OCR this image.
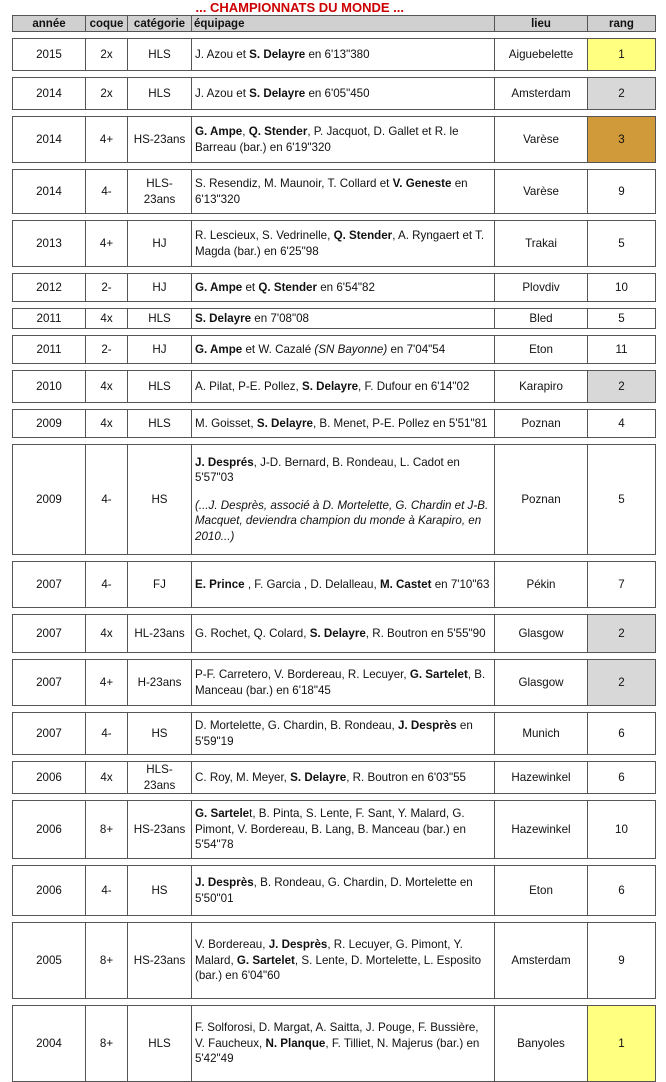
			... CHAMPIONNATS DU MONDE ...		
année	coque	catégorie	équipage	lieu	rang

2015	2x	HLS	J. Azou et S. Delayre en 6'13"380	Aiguebelette	1

2014	2x	HLS	J. Azou et S. Delayre en 6'05"450	Amsterdam	2

2014	4+	HS-23ans	G. Ampe, Q. Stender, P. Jacquot, D. Gallet et R. le Barreau (bar.) en 6'19"320	Varèse	3

2014	4-	HLS-23ans	S. Resendiz, M. Maunoir, T. Collard et V. Geneste en 6'13"320	Varèse	9

2013	4+	HJ	R. Lescieux, S. Vedrinelle, Q. Stender, A. Ryngaert et T. Magda (bar.) en 6'25"98	Trakai	5

2012	2-	HJ	G. Ampe et Q. Stender en 6'54"82	Plovdiv	10

2011	4x	HLS	S. Delayre en 7'08"08	Bled	5

2011	2-	HJ	G. Ampe et W. Cazalé (SN Bayonne) en 7'04"54	Eton	11

2010	4x	HLS	A. Pilat, P-E. Pollez, S. Delayre, F. Dufour en 6'14"02	Karapiro	2

2009	4x	HLS	M. Goisset, S. Delayre, B. Menet, P-E. Pollez en 5'51"81	Poznan	4

2009	4-	HS	J. Després, J-D. Bernard, B. Rondeau, L. Cadot en 5'57"03
(...J. Desprès, associé à D. Mortelette, G. Chardin et J-B. Macquet, deviendra champion du monde à Karapiro, en 2010...)	Poznan	5

2007	4-	FJ	E. Prince , F. Garcia , D. Delalleau, M. Castet en 7'10"63	Pékin	7

2007	4x	HL-23ans	G. Rochet, Q. Colard, S. Delayre, R. Boutron en 5'55"90	Glasgow	2

2007	4+	H-23ans	P-F. Carretero, V. Bordereau, R. Lecuyer, G. Sartelet, B. Manceau (bar.) en 6'18"45	Glasgow	2

2007	4-	HS	D. Mortelette, G. Chardin, B. Rondeau, J. Desprès en 5'59"19	Munich	6

2006	4x	HLS-23ans	C. Roy, M. Meyer, S. Delayre, R. Boutron en 6'03"55	Hazewinkel	6

2006	8+	HS-23ans	G. Sartelet, B. Pinta, S. Lente, F. Sant, Y. Malard, G. Pimont, V. Bordereau, B. Lang, B. Manceau (bar.) en 5'54"78	Hazewinkel	10

2006	4-	HS	J. Desprès, B. Rondeau, G. Chardin, D. Mortelette en 5'50"01	Eton	6

2005	8+	HS-23ans	V. Bordereau, J. Desprès, R. Lecuyer, G. Pimont, Y. Malard, G. Sartelet, S. Lente, D. Mortelette, L. Esposito (bar.) en 6'04"60	Amsterdam	9

2004	8+	HLS	F. Solforosi, D. Margat, A. Saitta, J. Pouge, F. Bussière, V. Faucheux, N. Planque, F. Tilliet, N. Majerus (bar.) en 5'42"49	Banyoles	1
